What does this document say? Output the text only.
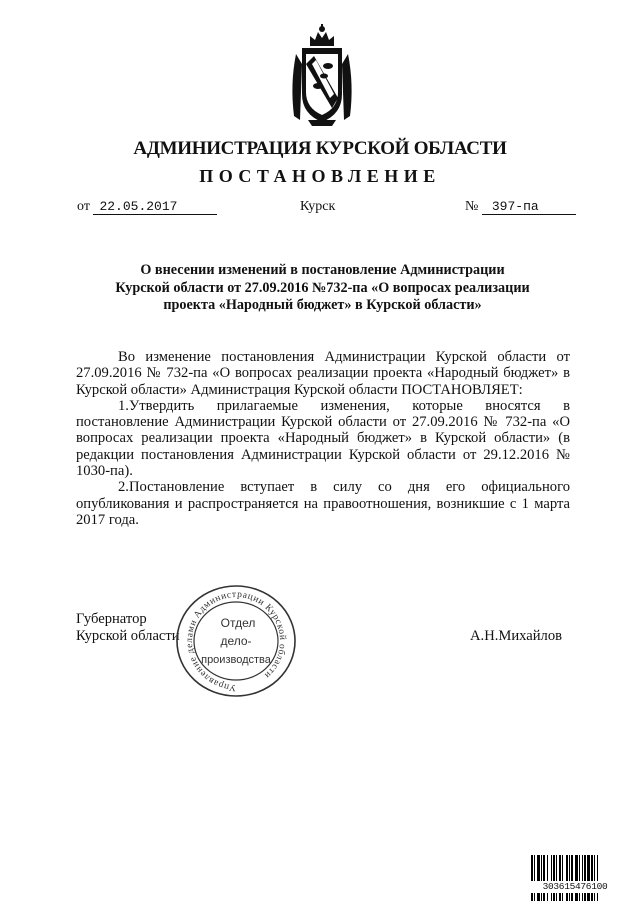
АДМИНИСТРАЦИЯ КУРСКОЙ ОБЛАСТИ
ПОСТАНОВЛЕНИЕ
от 22.05.2017	Курск	№ 397-па
О внесении изменений в постановление Администрации
Курской области от 27.09.2016 №732-па «О вопросах реализации
проекта «Народный бюджет» в Курской области»

Во изменение постановления Администрации Курской области от 27.09.2016 № 732-па «О вопросах реализации проекта «Народный бюджет» в Курской области» Администрация Курской области ПОСТАНОВЛЯЕТ:

1.Утвердить прилагаемые изменения, которые вносятся в постановление Администрации Курской области от 27.09.2016 № 732-па «О вопросах реализации проекта «Народный бюджет» в Курской области» (в редакции постановления Администрации Курской области от 29.12.2016 № 1030-па).

2.Постановление вступает в силу со дня его официального опубликования и распространяется на правоотношения, возникшие с 1 марта 2017 года.

Губернатор
Курской области	А.Н.Михайлов
Управление делами Администрации Курской области
Отдел
дело-
производства
303615476100
